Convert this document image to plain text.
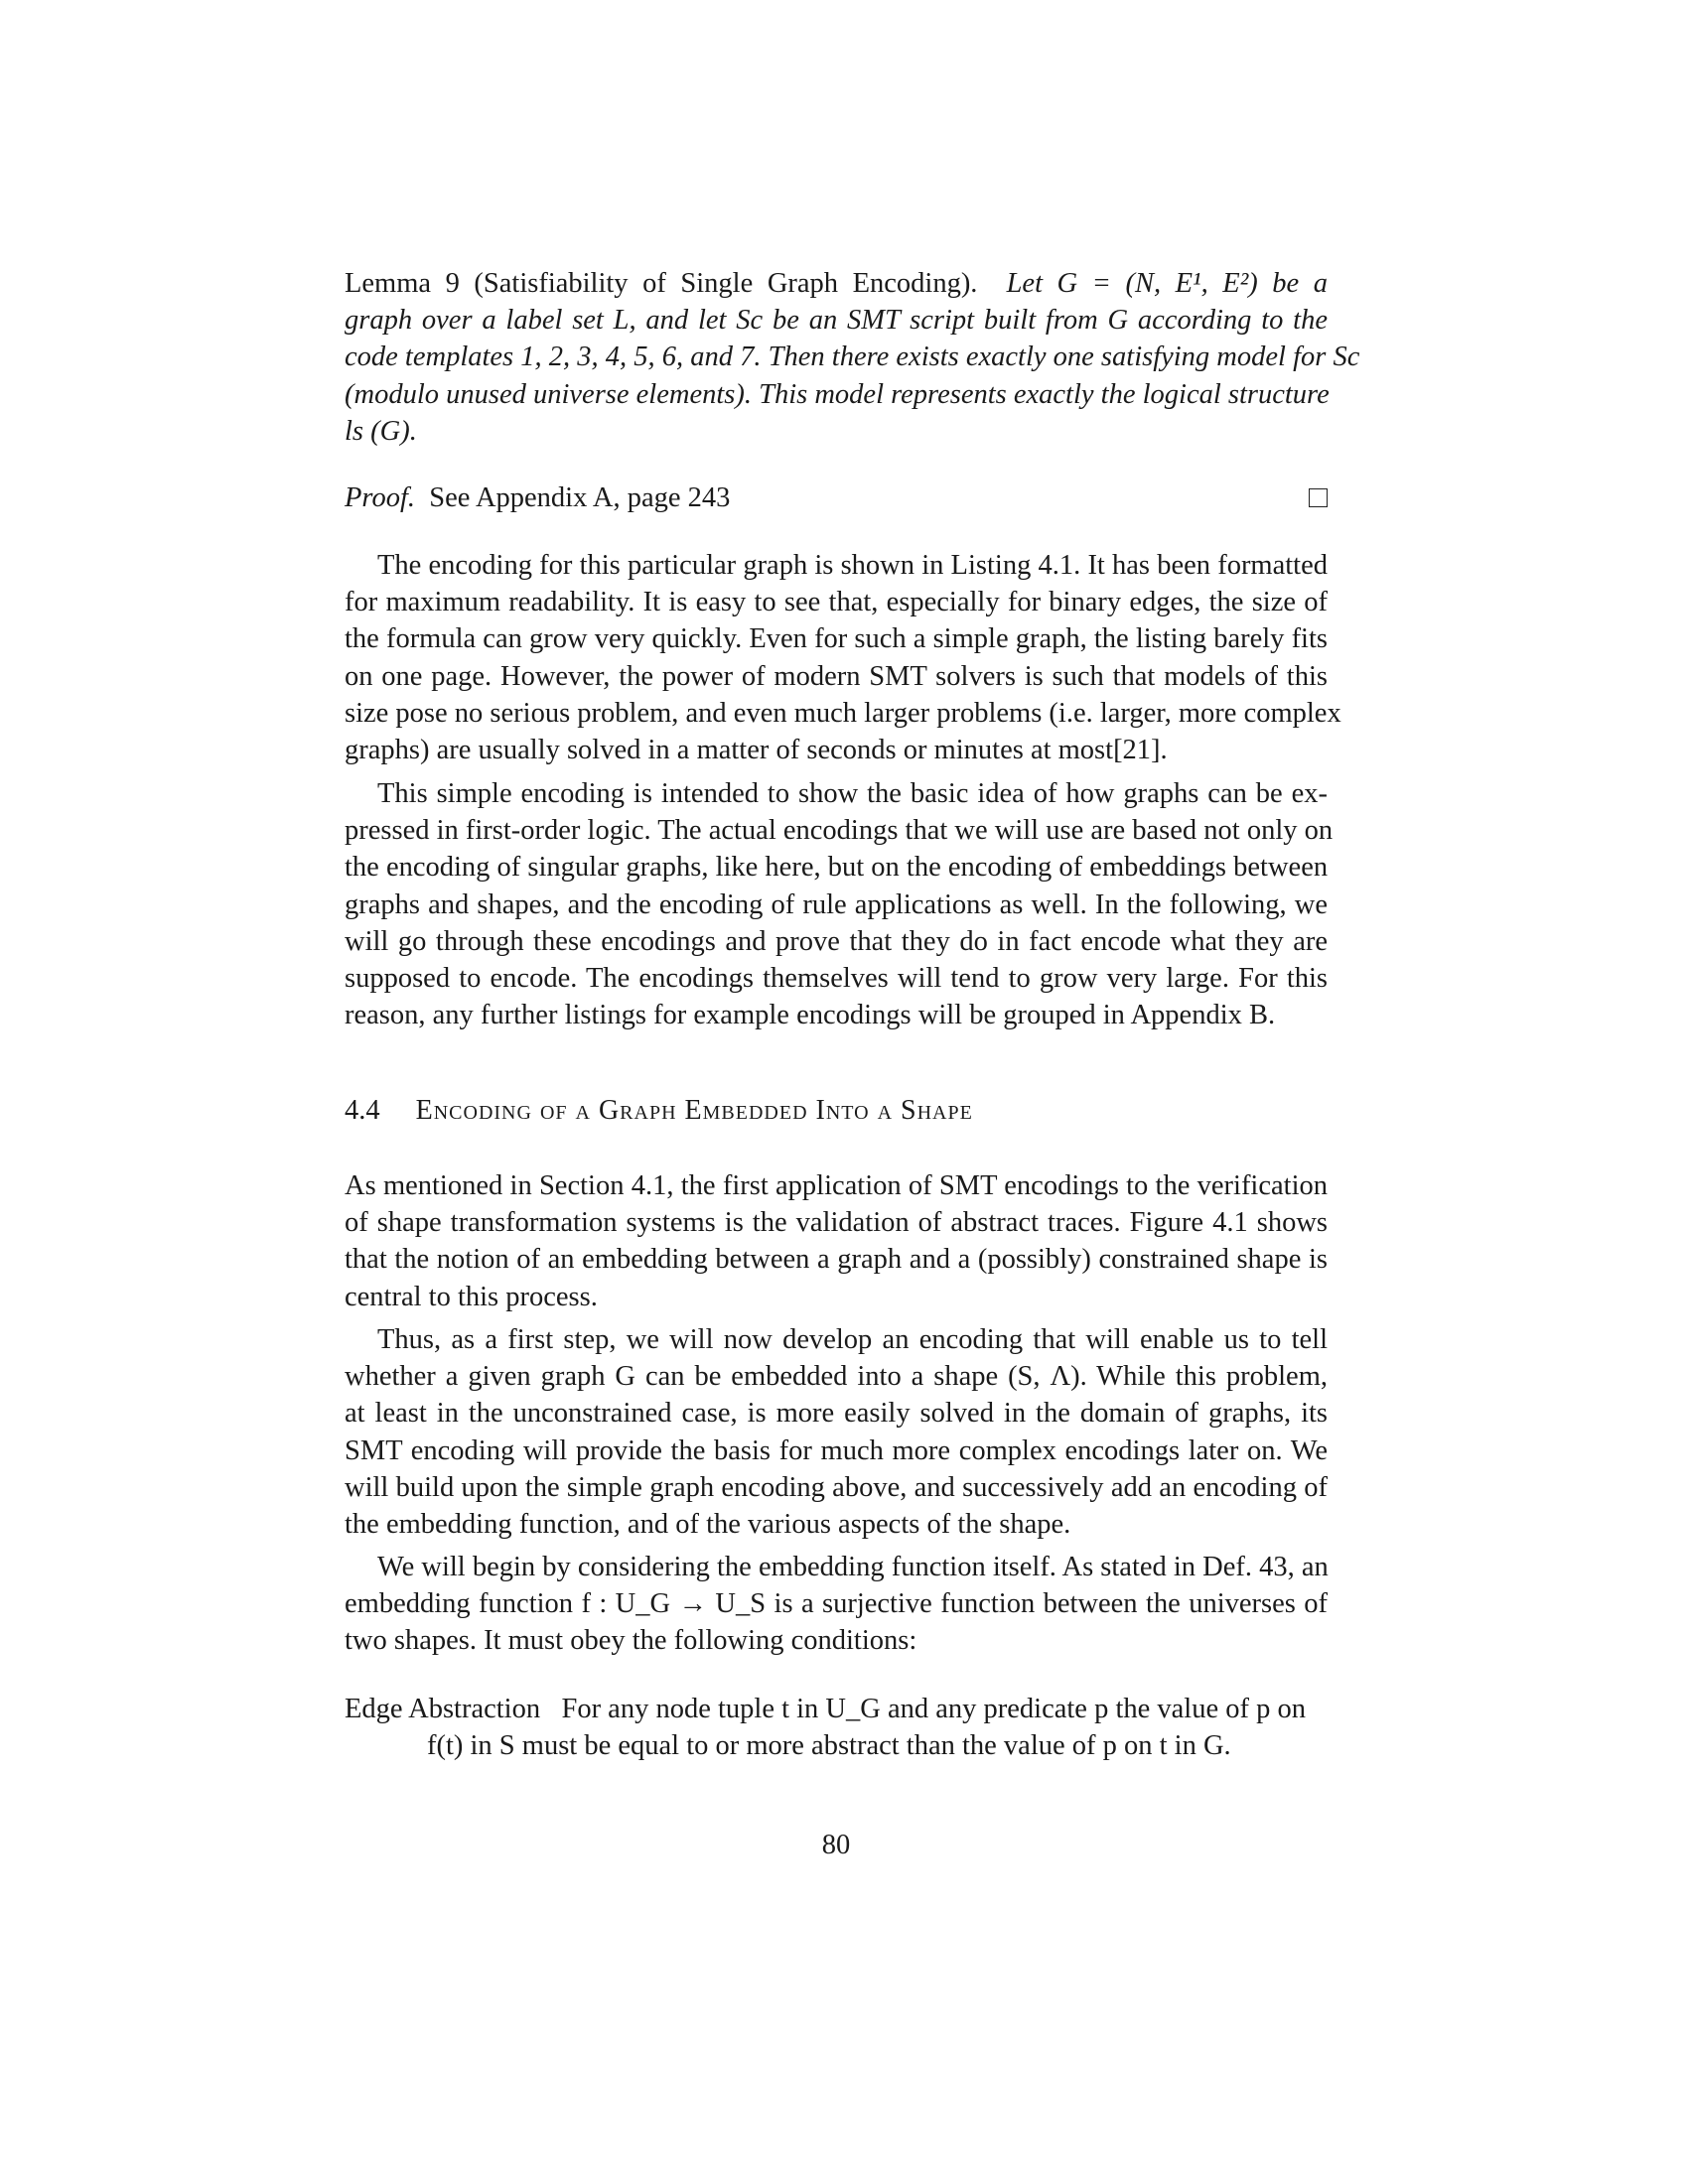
Lemma 9 (Satisfiability of Single Graph Encoding). Let G = (N, E¹, E²) be a
graph over a label set L, and let Sc be an SMT script built from G according to the
code templates 1, 2, 3, 4, 5, 6, and 7. Then there exists exactly one satisfying model for Sc
(modulo unused universe elements). This model represents exactly the logical structure
ls (G).
Proof. See Appendix A, page 243
The encoding for this particular graph is shown in Listing 4.1. It has been formatted
for maximum readability. It is easy to see that, especially for binary edges, the size of
the formula can grow very quickly. Even for such a simple graph, the listing barely fits
on one page. However, the power of modern SMT solvers is such that models of this
size pose no serious problem, and even much larger problems (i.e. larger, more complex
graphs) are usually solved in a matter of seconds or minutes at most[21].
This simple encoding is intended to show the basic idea of how graphs can be ex-
pressed in first-order logic. The actual encodings that we will use are based not only on
the encoding of singular graphs, like here, but on the encoding of embeddings between
graphs and shapes, and the encoding of rule applications as well. In the following, we
will go through these encodings and prove that they do in fact encode what they are
supposed to encode. The encodings themselves will tend to grow very large. For this
reason, any further listings for example encodings will be grouped in Appendix B.
4.4 Encoding of a Graph Embedded Into a Shape
As mentioned in Section 4.1, the first application of SMT encodings to the verification
of shape transformation systems is the validation of abstract traces. Figure 4.1 shows
that the notion of an embedding between a graph and a (possibly) constrained shape is
central to this process.
Thus, as a first step, we will now develop an encoding that will enable us to tell
whether a given graph G can be embedded into a shape (S, Λ). While this problem,
at least in the unconstrained case, is more easily solved in the domain of graphs, its
SMT encoding will provide the basis for much more complex encodings later on. We
will build upon the simple graph encoding above, and successively add an encoding of
the embedding function, and of the various aspects of the shape.
We will begin by considering the embedding function itself. As stated in Def. 43, an
embedding function f : U_G → U_S is a surjective function between the universes of
two shapes. It must obey the following conditions:
Edge Abstraction For any node tuple t in U_G and any predicate p the value of p on
f(t) in S must be equal to or more abstract than the value of p on t in G.
80
